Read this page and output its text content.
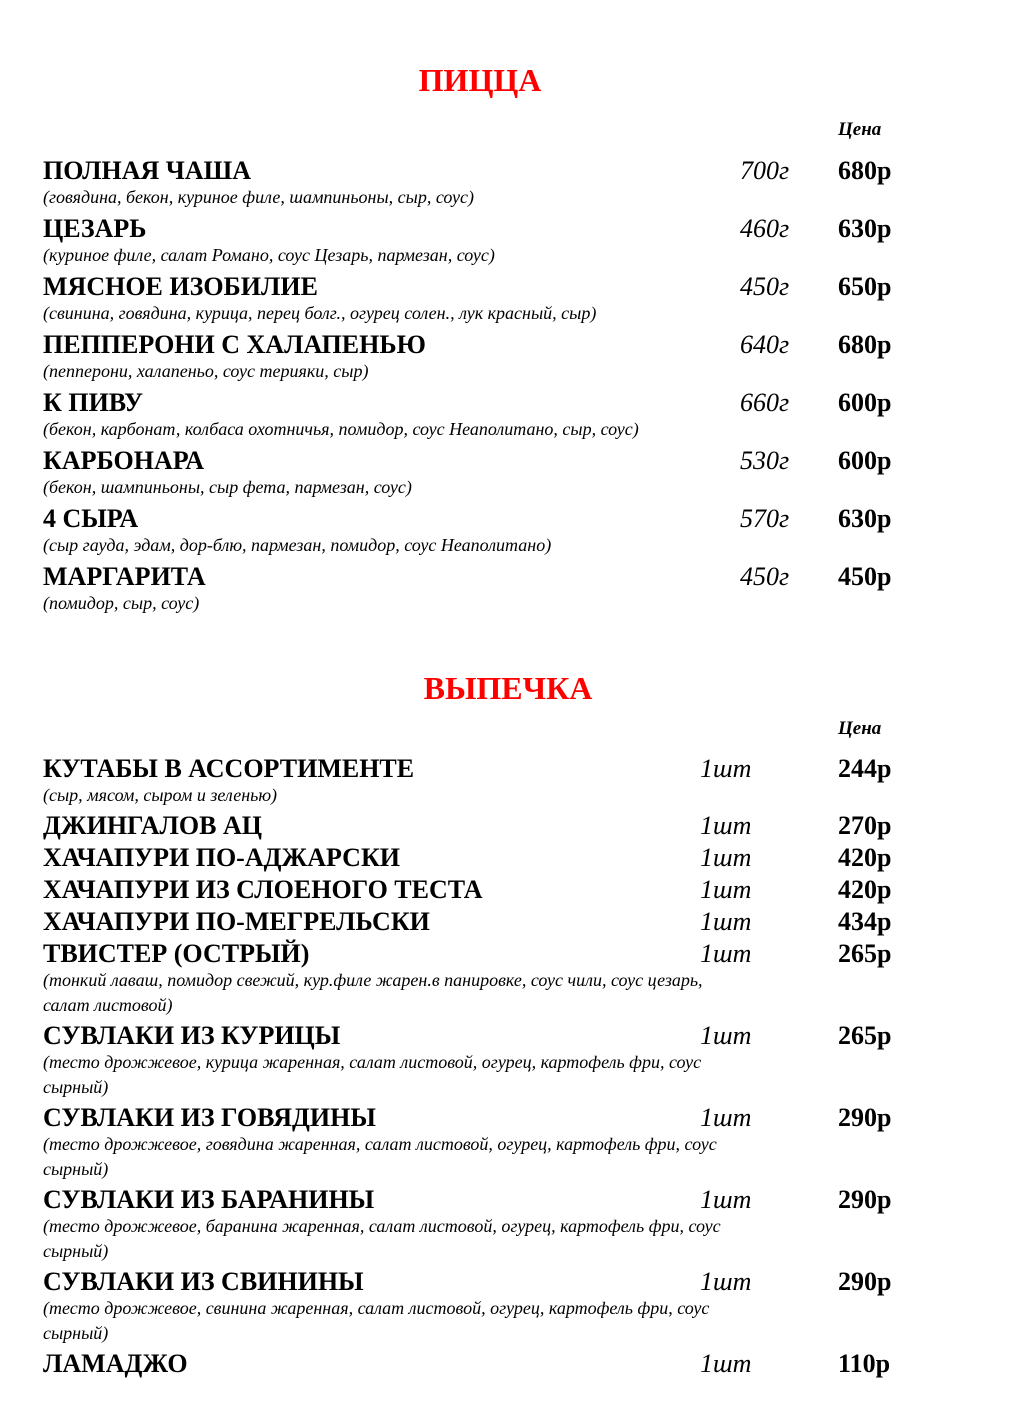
ПИЦЦА
Цена
ПОЛНАЯ ЧАША	700г 680р
(говядина, бекон, куриное филе, шампиньоны, сыр, соус)
ЦЕЗАРЬ	460г 630р
(куриное филе, салат Романо, соус Цезарь, пармезан, соус)
МЯСНОЕ ИЗОБИЛИЕ	450г 650р
(свинина, говядина, курица, перец болг., огурец солен., лук красный, сыр)
ПЕППЕРОНИ С ХАЛАПЕНЬЮ	640г 680р
(пепперони, халапеньо, соус терияки, сыр)
К ПИВУ	660г 600р
(бекон, карбонат, колбаса охотничья, помидор, соус Неаполитано, сыр, соус)
КАРБОНАРА	530г 600р
(бекон, шампиньоны, сыр фета, пармезан, соус)
4 СЫРА	570г 630р
(сыр гауда, эдам, дор-блю, пармезан, помидор, соус Неаполитано)
МАРГАРИТА	450г 450р
(помидор, сыр, соус)
ВЫПЕЧКА
Цена
КУТАБЫ В АССОРТИМЕНТЕ	1шт	244р
(сыр, мясом, сыром и зеленью)
ДЖИНГАЛОВ АЦ	1шт	270р
ХАЧАПУРИ ПО-АДЖАРСКИ	1шт	420р
ХАЧАПУРИ ИЗ СЛОЕНОГО ТЕСТА	1шт	420р
ХАЧАПУРИ ПО-МЕГРЕЛЬСКИ	1шт	434р
ТВИСТЕР (ОСТРЫЙ)	1шт	265р
(тонкий лаваш, помидор свежий, кур.филе жарен.в панировке, соус чили, соус цезарь, салат листовой)
СУВЛАКИ ИЗ КУРИЦЫ	1шт	265р
(тесто дрожжевое, курица жаренная, салат листовой, огурец, картофель фри, соус сырный)
СУВЛАКИ ИЗ ГОВЯДИНЫ	1шт	290р
(тесто дрожжевое, говядина жаренная, салат листовой, огурец, картофель фри, соус сырный)
СУВЛАКИ ИЗ БАРАНИНЫ	1шт	290р
(тесто дрожжевое, баранина жаренная, салат листовой, огурец, картофель фри, соус сырный)
СУВЛАКИ ИЗ СВИНИНЫ	1шт	290р
(тесто дрожжевое, свинина жаренная, салат листовой, огурец, картофель фри, соус сырный)
ЛАМАДЖО	1шт	110р
